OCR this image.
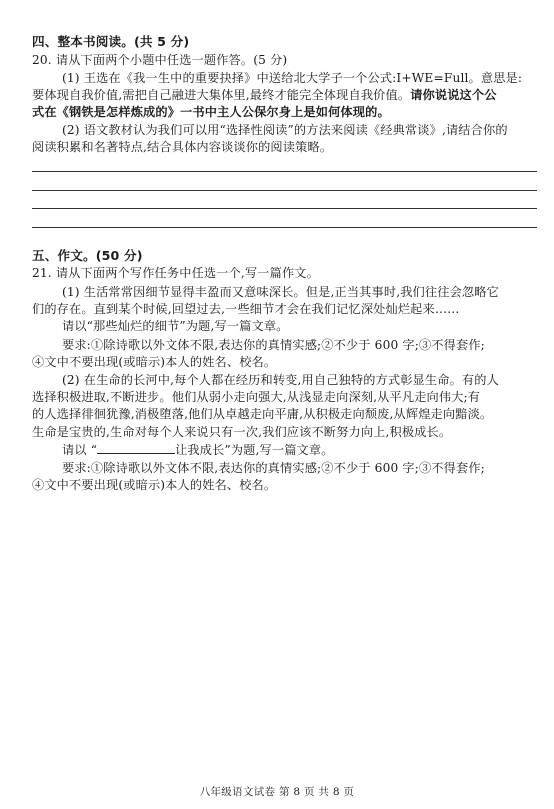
四、整本书阅读。(共 5 分)
20. 请从下面两个小题中任选一题作答。(5 分)
(1) 王选在《我一生中的重要抉择》中送给北大学子一个公式:I+WE=Full。意思是:
要体现自我价值,需把自己融进大集体里,最终才能完全体现自我价值。请你说说这个公
式在《钢铁是怎样炼成的》一书中主人公保尔身上是如何体现的。
(2) 语文教材认为我们可以用“选择性阅读”的方法来阅读《经典常谈》,请结合你的
阅读积累和名著特点,结合具体内容谈谈你的阅读策略。
五、作文。(50 分)
21. 请从下面两个写作任务中任选一个,写一篇作文。
(1) 生活常常因细节显得丰盈而又意味深长。但是,正当其事时,我们往往会忽略它
们的存在。直到某个时候,回望过去,一些细节才会在我们记忆深处灿烂起来……
请以“那些灿烂的细节”为题,写一篇文章。
要求:①除诗歌以外文体不限,表达你的真情实感;②不少于 600 字;③不得套作;
④文中不要出现(或暗示)本人的姓名、校名。
(2) 在生命的长河中,每个人都在经历和转变,用自己独特的方式彰显生命。有的人
选择积极进取,不断进步。他们从弱小走向强大,从浅显走向深刻,从平凡走向伟大;有
的人选择徘徊犹豫,消极堕落,他们从卓越走向平庸,从积极走向颓废,从辉煌走向黯淡。
生命是宝贵的,生命对每个人来说只有一次,我们应该不断努力向上,积极成长。
请以 “	让我成长”为题,写一篇文章。
要求:①除诗歌以外文体不限,表达你的真情实感;②不少于 600 字;③不得套作;
④文中不要出现(或暗示)本人的姓名、校名。
八年级语文试卷 第 8 页 共 8 页
